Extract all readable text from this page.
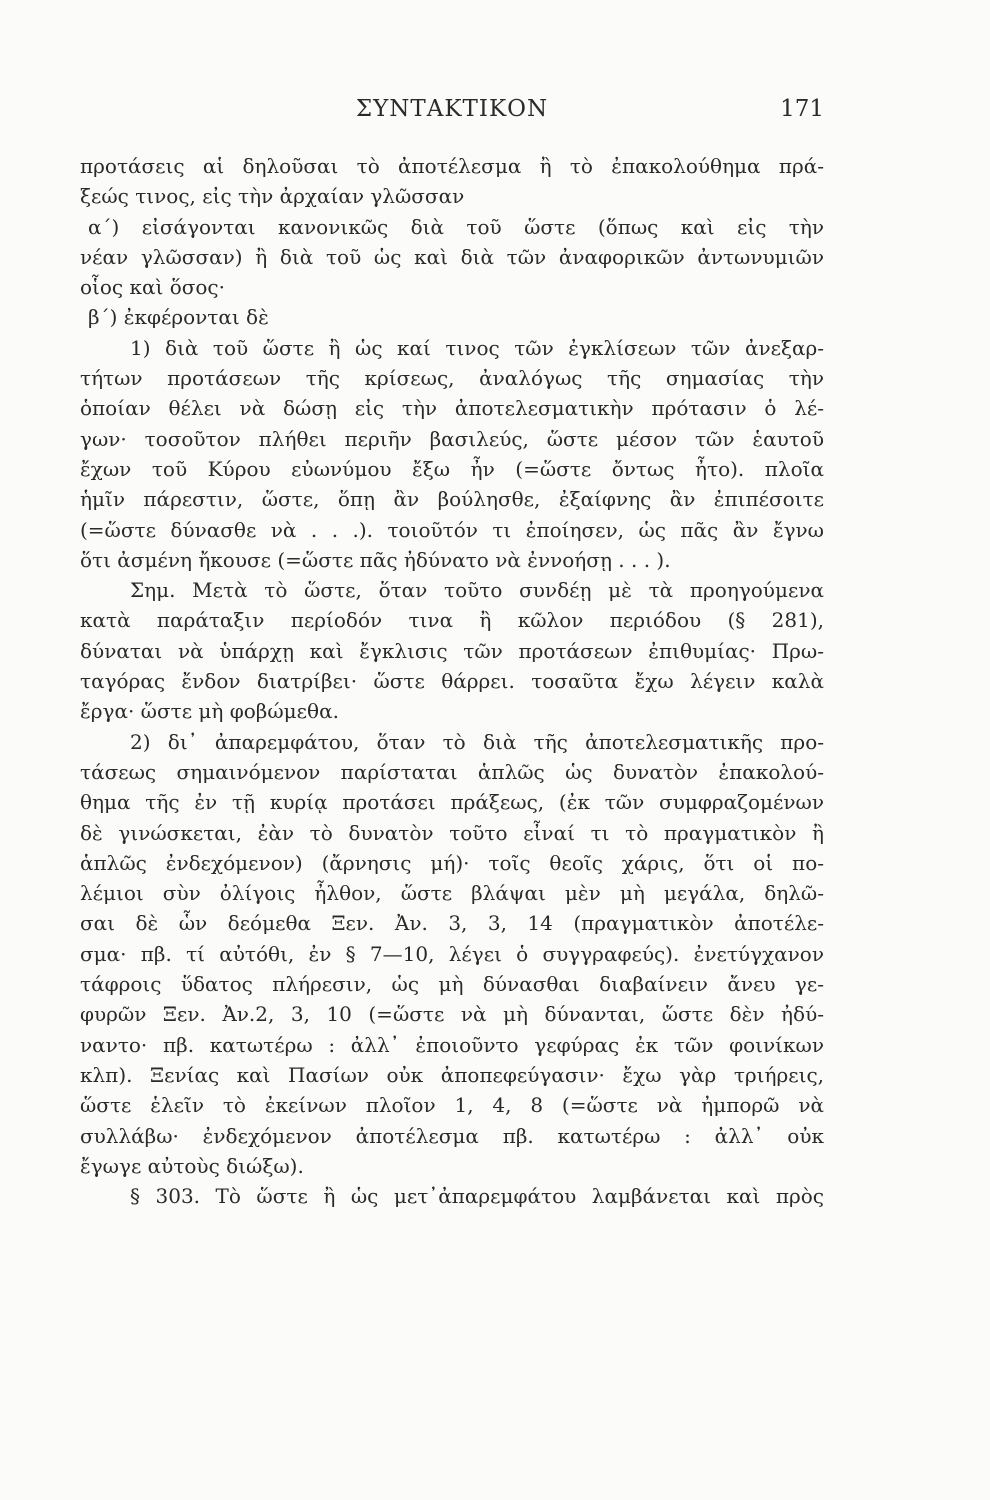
ΣΥΝΤΑΚΤΙΚΟΝ	171
προτάσεις αἱ δηλοῦσαι τὸ ἀποτέλεσμα ἢ τὸ ἐπακολούθημα πρά-
ξεώς τινος, εἰς τὴν ἀρχαίαν γλῶσσαν
α΄) εἰσάγονται κανονικῶς διὰ τοῦ ὥστε (ὅπως καὶ εἰς τὴν
νέαν γλῶσσαν) ἢ διὰ τοῦ ὡς καὶ διὰ τῶν ἀναφορικῶν ἀντωνυμιῶν
οἷος καὶ ὅσος·
β΄) ἐκφέρονται δὲ
1) διὰ τοῦ ὥστε ἢ ὡς καί τινος τῶν ἐγκλίσεων τῶν ἀνεξαρ-
τήτων προτάσεων τῆς κρίσεως, ἀναλόγως τῆς σημασίας τὴν
ὁποίαν θέλει νὰ δώσῃ εἰς τὴν ἀποτελεσματικὴν πρότασιν ὁ λέ-
γων· τοσοῦτον πλήθει περιῆν βασιλεύς, ὥστε μέσον τῶν ἑαυτοῦ
ἔχων τοῦ Κύρου εὐωνύμου ἔξω ἦν (=ὥστε ὄντως ἦτο). πλοῖα
ἡμῖν πάρεστιν, ὥστε, ὅπῃ ἂν βούλησθε, ἐξαίφνης ἂν ἐπιπέσοιτε
(=ὥστε δύνασθε νὰ . . .). τοιοῦτόν τι ἐποίησεν, ὡς πᾶς ἂν ἔγνω
ὅτι ἀσμένη ἤκουσε (=ὥστε πᾶς ἠδύνατο νὰ ἐννοήσῃ . . . ).
Σημ. Μετὰ τὸ ὥστε, ὅταν τοῦτο συνδέῃ μὲ τὰ προηγούμενα
κατὰ παράταξιν περίοδόν τινα ἢ κῶλον περιόδου (§ 281),
δύναται νὰ ὑπάρχῃ καὶ ἔγκλισις τῶν προτάσεων ἐπιθυμίας· Πρω-
ταγόρας ἔνδον διατρίβει· ὥστε θάρρει. τοσαῦτα ἔχω λέγειν καλὰ
ἔργα· ὥστε μὴ φοβώμεθα.
2) δι᾽ ἀπαρεμφάτου, ὅταν τὸ διὰ τῆς ἀποτελεσματικῆς προ-
τάσεως σημαινόμενον παρίσταται ἁπλῶς ὡς δυνατὸν ἐπακολού-
θημα τῆς ἐν τῇ κυρίᾳ προτάσει πράξεως, (ἐκ τῶν συμφραζομένων
δὲ γινώσκεται, ἐὰν τὸ δυνατὸν τοῦτο εἶναί τι τὸ πραγματικὸν ἢ
ἁπλῶς ἐνδεχόμενον) (ἄρνησις μή)· τοῖς θεοῖς χάρις, ὅτι οἱ πο-
λέμιοι σὺν ὀλίγοις ἦλθον, ὥστε βλάψαι μὲν μὴ μεγάλα, δηλῶ-
σαι δὲ ὧν δεόμεθα Ξεν. Ἀν. 3, 3, 14 (πραγματικὸν ἀποτέλε-
σμα· πβ. τί αὐτόθι, ἐν § 7—10, λέγει ὁ συγγραφεύς). ἐνετύγχανον
τάφροις ὕδατος πλήρεσιν, ὡς μὴ δύνασθαι διαβαίνειν ἄνευ γε-
φυρῶν Ξεν. Ἀν.2, 3, 10 (=ὥστε νὰ μὴ δύνανται, ὥστε δὲν ἠδύ-
ναντο· πβ. κατωτέρω : ἀλλ᾽ ἐποιοῦντο γεφύρας ἐκ τῶν φοινίκων
κλπ). Ξενίας καὶ Πασίων οὐκ ἀποπεφεύγασιν· ἔχω γὰρ τριήρεις,
ὥστε ἑλεῖν τὸ ἐκείνων πλοῖον 1, 4, 8 (=ὥστε νὰ ἠμπορῶ νὰ
συλλάβω· ἐνδεχόμενον ἀποτέλεσμα πβ. κατωτέρω : ἀλλ᾽ οὐκ
ἔγωγε αὐτοὺς διώξω).
§ 303. Τὸ ὥστε ἢ ὡς μετ᾽ἀπαρεμφάτου λαμβάνεται καὶ πρὸς
